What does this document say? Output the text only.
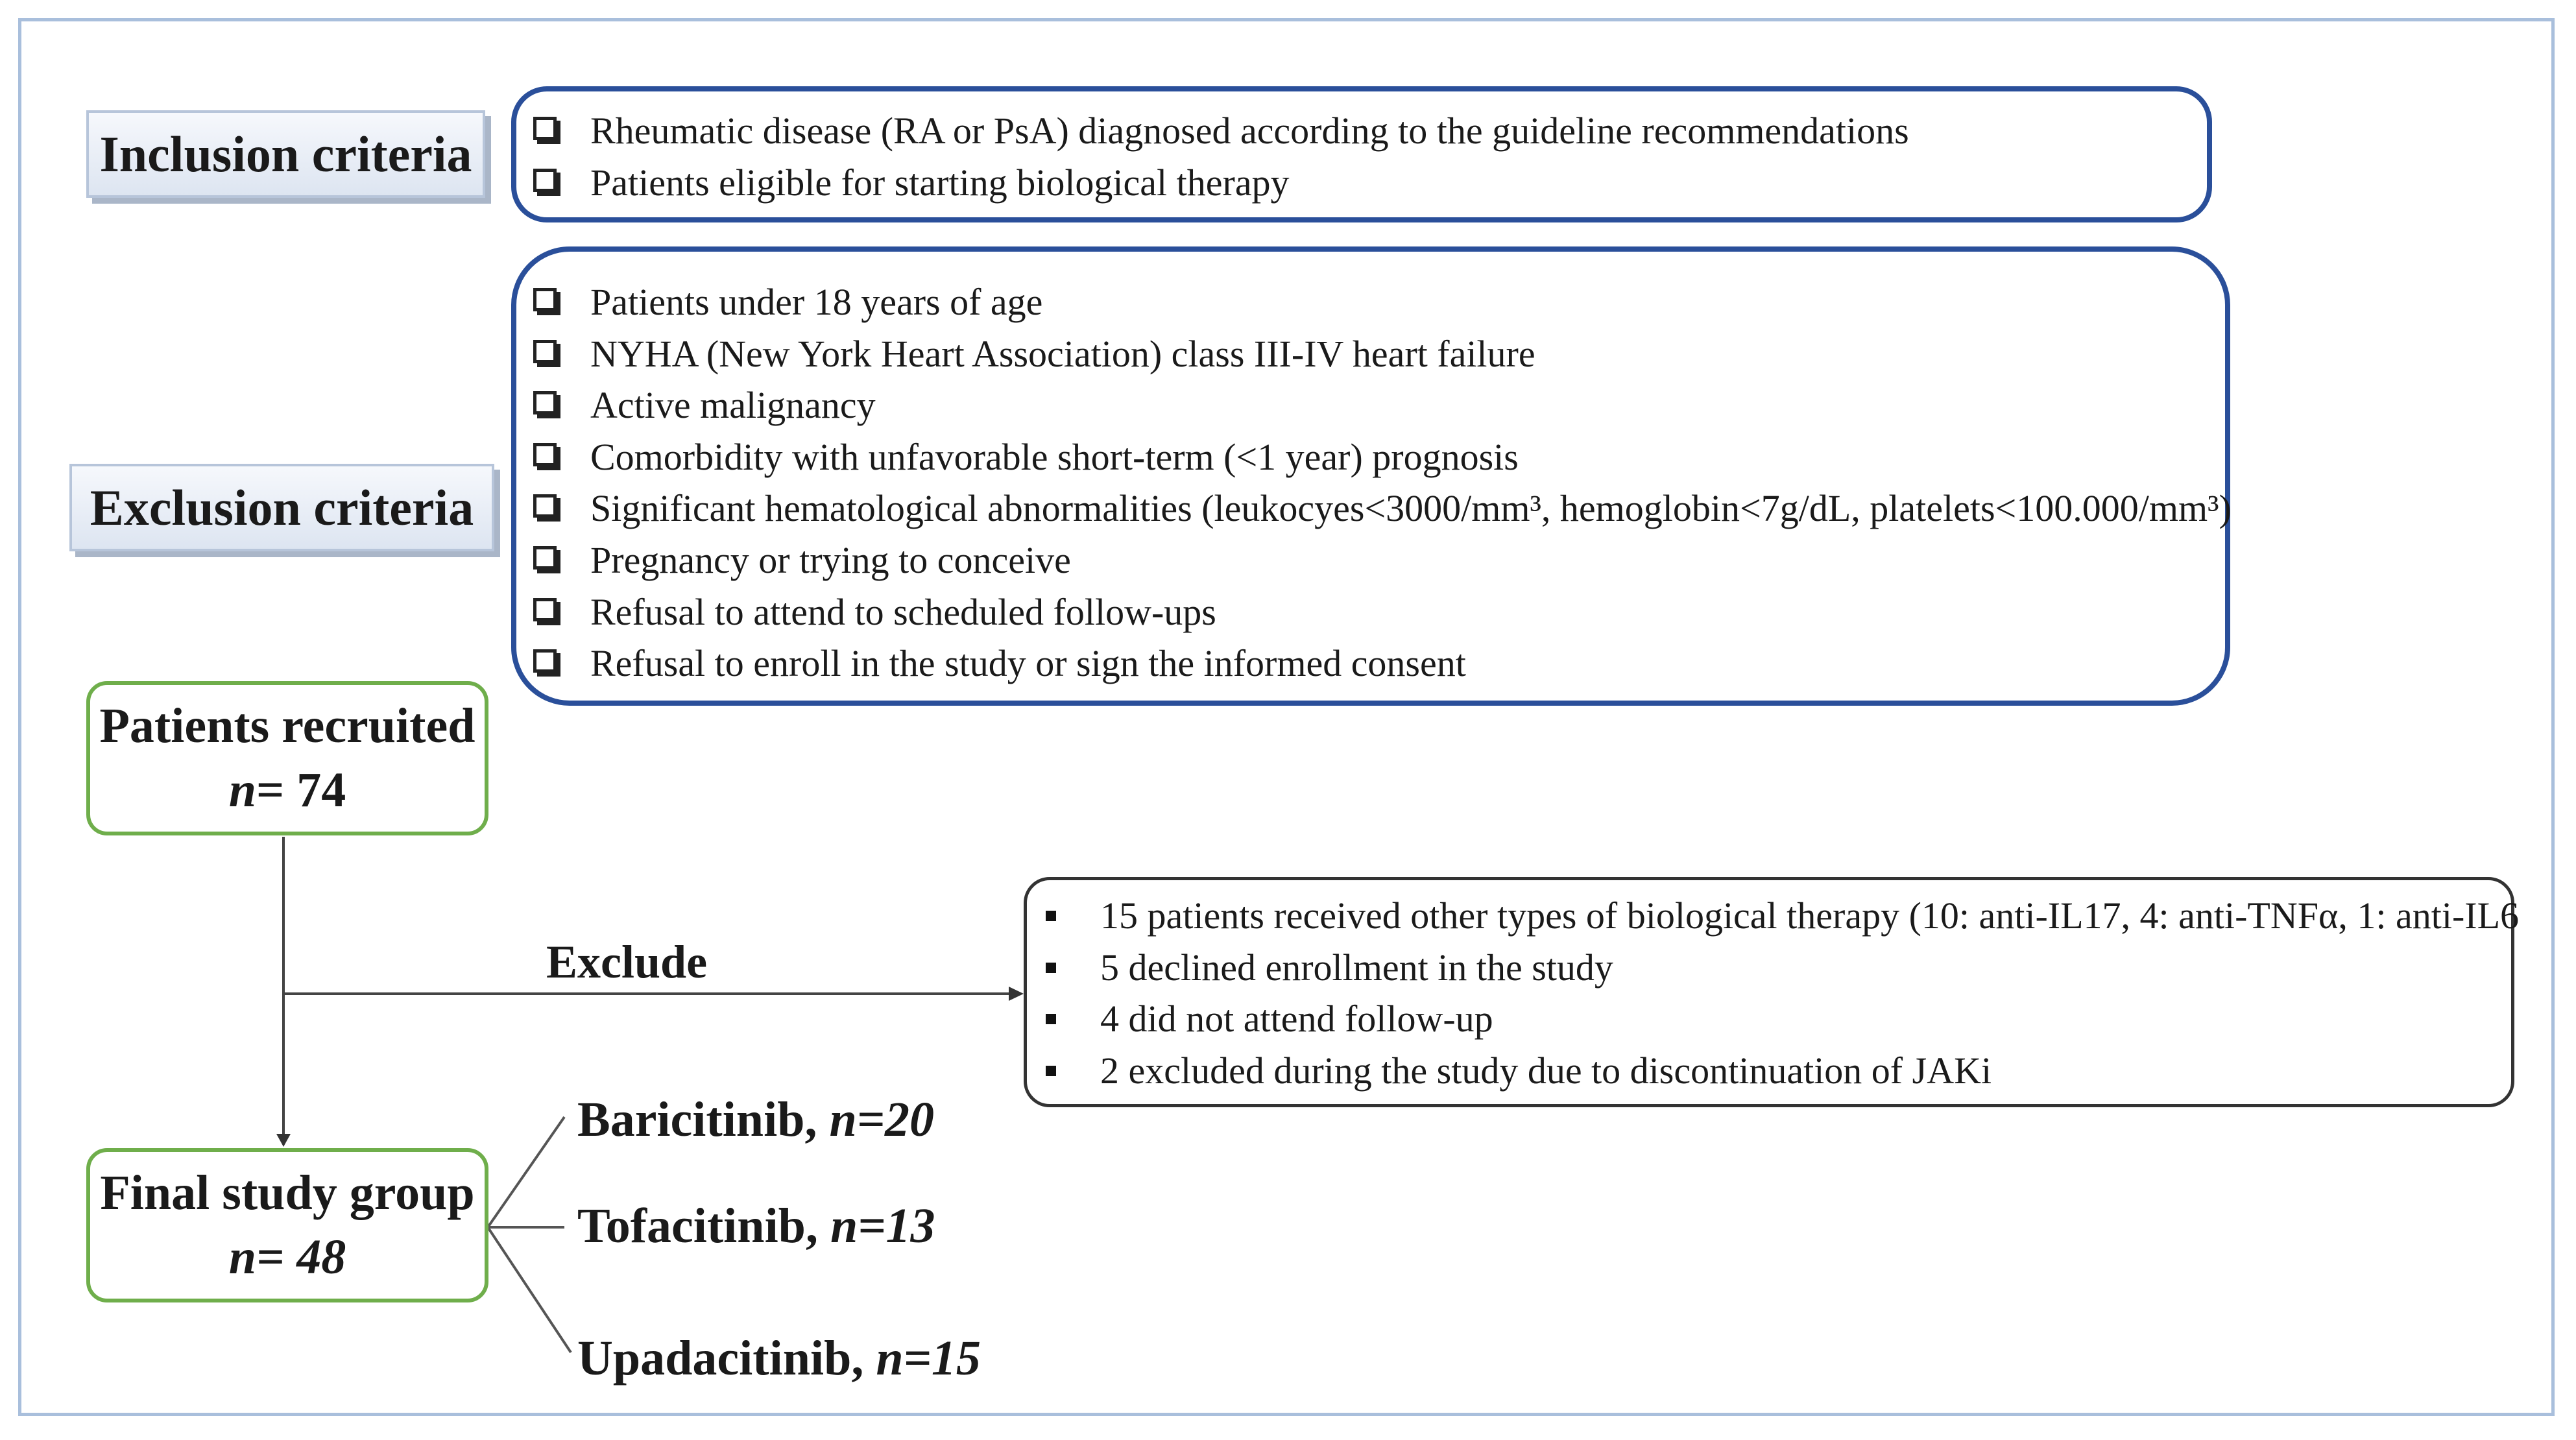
Inclusion criteria	Rheumatic disease (RA or PsA) diagnosed according to the guideline recommendations
Patients eligible for starting biological therapy
Exclusion criteria
Patients under 18 years of age
NYHA (New York Heart Association) class III-IV heart failure
Active malignancy
Comorbidity with unfavorable short-term (<1 year) prognosis
Significant hematological abnormalities (leukocyes<3000/mm³, hemoglobin<7g/dL, platelets<100.000/mm³)
Pregnancy or trying to conceive
Refusal to attend to scheduled follow-ups
Refusal to enroll in the study or sign the informed consent
Patients recruited
n= 74
Exclude
15 patients received other types of biological therapy (10: anti-IL17, 4: anti-TNFα, 1: anti-IL6
5 declined enrollment in the study
4 did not attend follow-up
2 excluded during the study due to discontinuation of JAKi
Final study group
n= 48
Baricitinib, n=20
Tofacitinib, n=13
Upadacitinib, n=15
